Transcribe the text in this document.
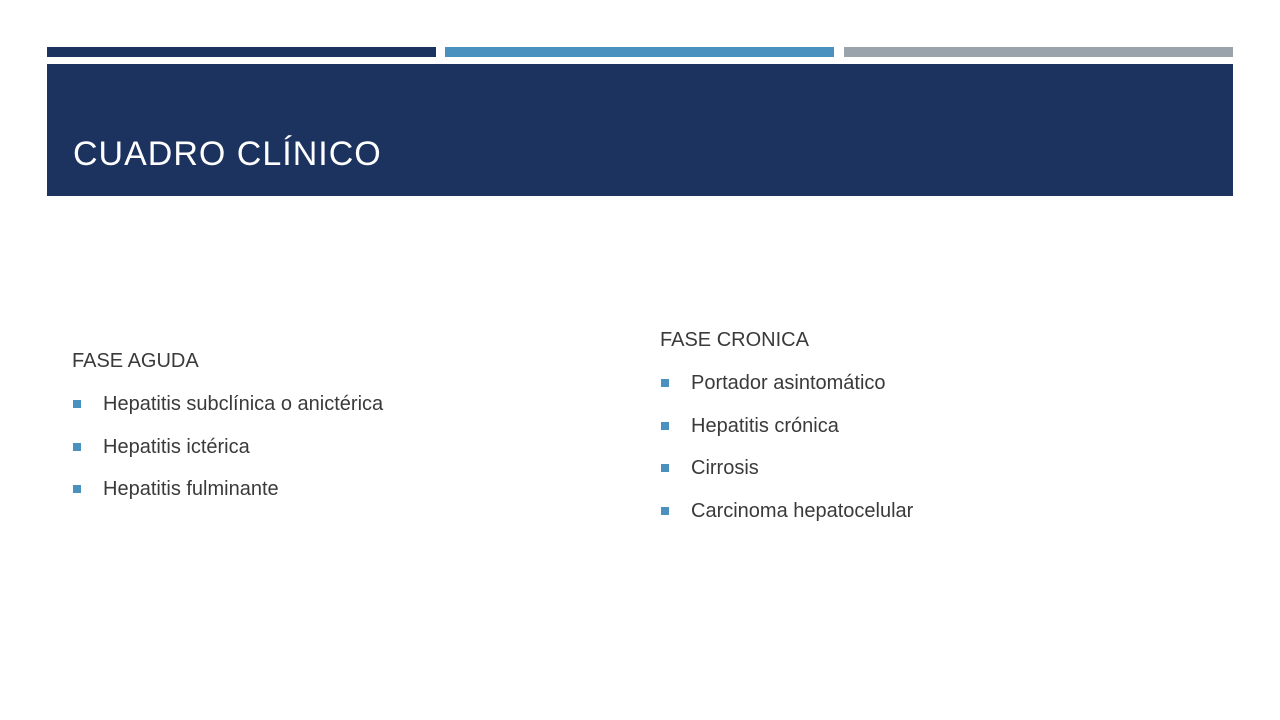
CUADRO CLÍNICO
FASE AGUDA
Hepatitis subclínica o anictérica
Hepatitis ictérica
Hepatitis fulminante
FASE CRONICA
Portador asintomático
Hepatitis crónica
Cirrosis
Carcinoma hepatocelular
